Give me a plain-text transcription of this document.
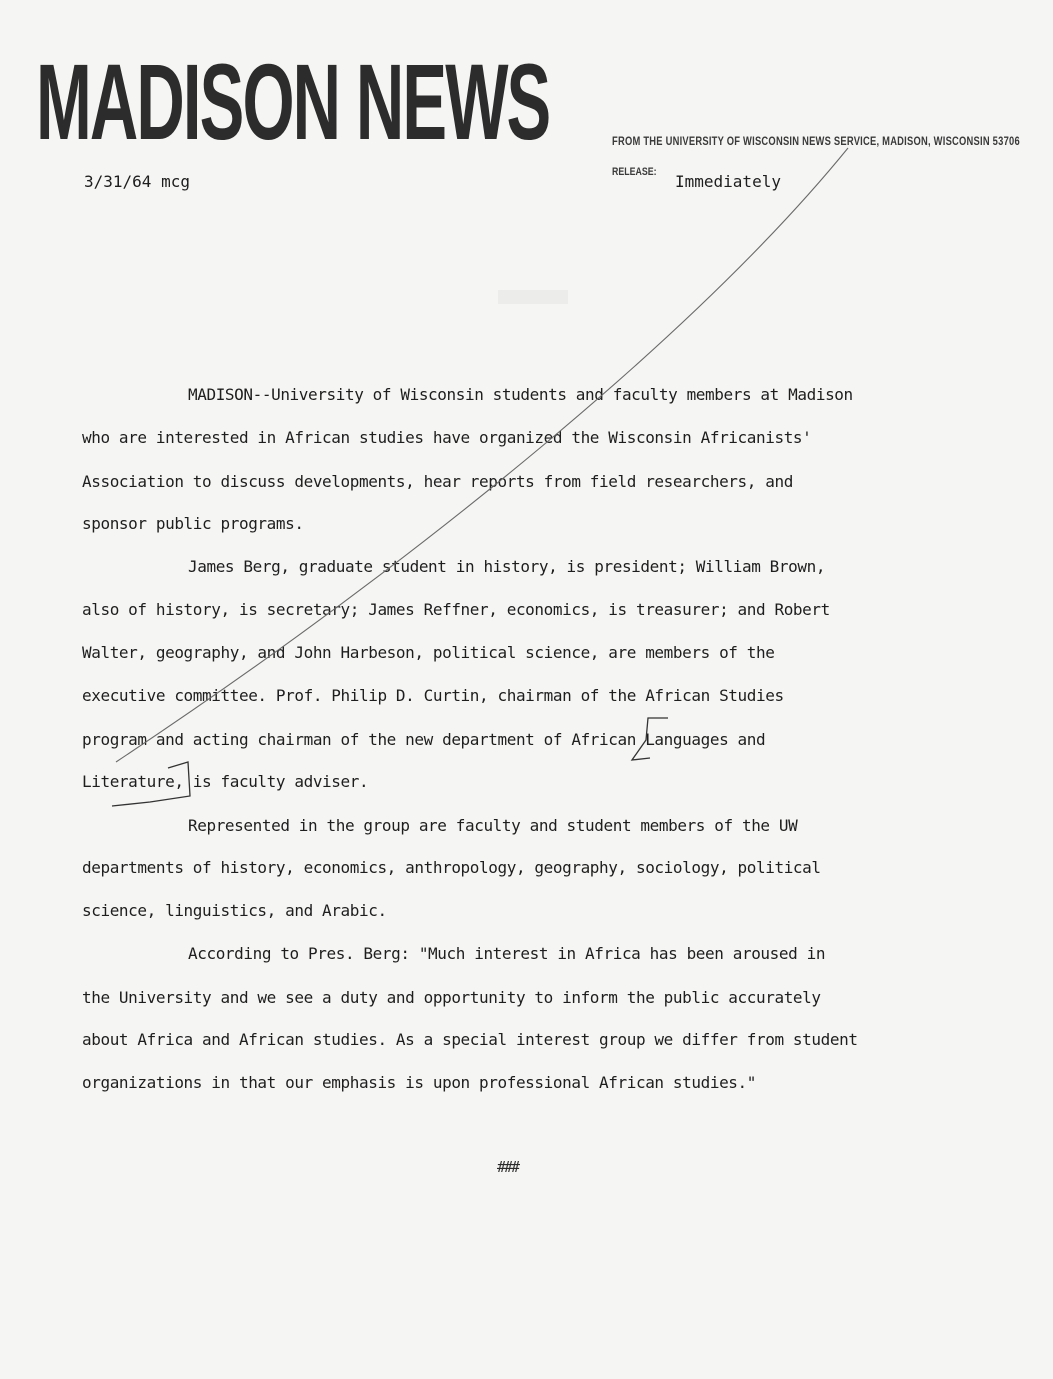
MADISON NEWS	FROM THE UNIVERSITY OF WISCONSIN NEWS SERVICE, MADISON, WISCONSIN 53706
RELEASE: Immediately
3/31/64 mcg
MADISON--University of Wisconsin students and faculty members at Madison
who are interested in African studies have organized the Wisconsin Africanists'
Association to discuss developments, hear reports from field researchers, and
sponsor public programs.
James Berg, graduate student in history, is president; William Brown,
also of history, is secretary; James Reffner, economics, is treasurer; and Robert
Walter, geography, and John Harbeson, political science, are members of the
executive committee. Prof. Philip D. Curtin, chairman of the African Studies
program and acting chairman of the new department of African Languages and
Literature, is faculty adviser.
Represented in the group are faculty and student members of the UW
departments of history, economics, anthropology, geography, sociology, political
science, linguistics, and Arabic.
According to Pres. Berg: "Much interest in Africa has been aroused in
the University and we see a duty and opportunity to inform the public accurately
about Africa and African studies. As a special interest group we differ from student
organizations in that our emphasis is upon professional African studies."
###
